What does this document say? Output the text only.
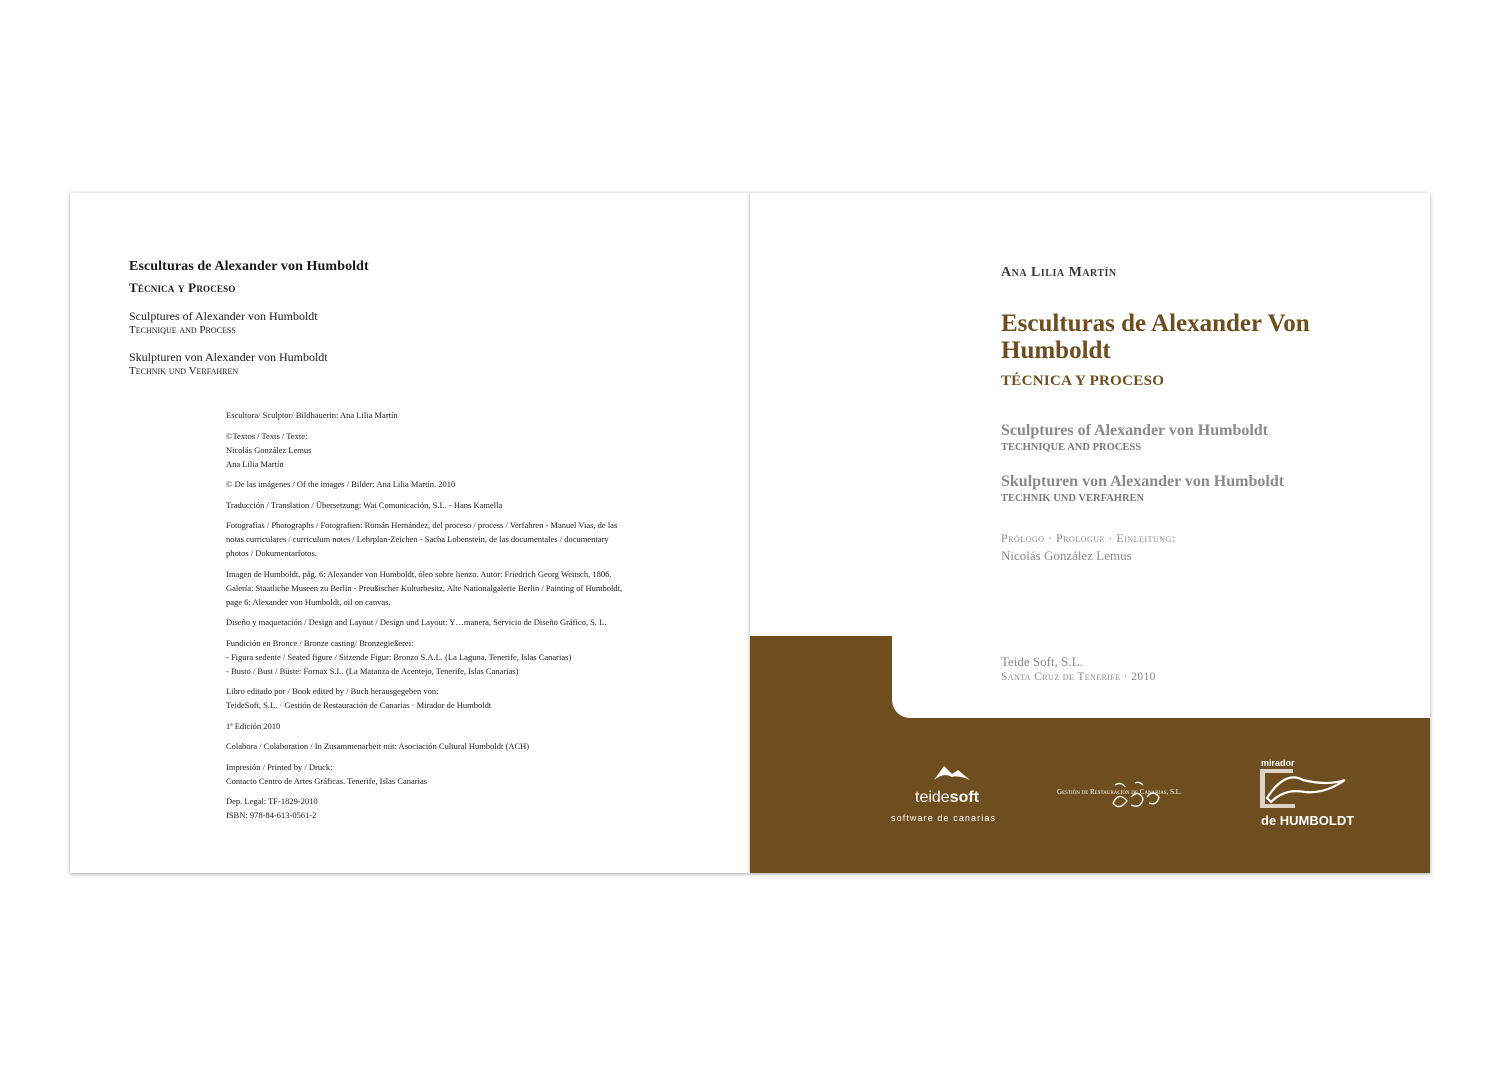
Esculturas de Alexander von Humboldt

Técnica y Proceso

Sculptures of Alexander von Humboldt

Technique and Process

Skulpturen von Alexander von Humboldt

Technik und Verfahren

Escultora/ Sculptor/ Bildhauerin: Ana Lilia Martín

©Textos / Texts / Texte:
Nicolás González Lemus
Ana Lilia Martín

© De las imágenes / Of the images / Bilder: Ana Lilia Martín. 2010

Traducción / Translation / Übersetzung: Wai Comunicación, S.L. - Hans Kamella

Fotografías / Photographs / Fotografien: Román Hernández, del proceso / process / Verfahren - Manuel Vias, de las
notas curriculares / curriculum notes / Lehrplan-Zeichen - Sacha Lobenstein, de las documentales / documentary
photos / Dokumentarfotos.

Imagen de Humboldt, pág. 6: Alexander von Humboldt, óleo sobre lienzo. Autor: Friedrich Georg Weitsch, 1806.
Galería: Staatliche Museen zu Berlin - Preußischer Kulturbesitz, Alte Nationalgalerie Berlin / Painting of Humboldt,
page 6: Alexander von Humboldt, oil on canvas.

Diseño y maquetación / Design and Layout / Design und Layout: Y…manera, Servicio de Diseño Gráfico, S. L.

Fundición en Bronce / Bronze casting/ Bronzegießerei:
- Figura sedente / Seated figure / Sitzende Figur: Bronzo S.A.L. (La Laguna, Tenerife, Islas Canarias)
- Busto / Bust / Büste: Fornax S.L. (La Matanza de Acentejo, Tenerife, Islas Canarias)

Libro editado por / Book edited by / Buch herausgegeben von:
TeideSoft, S.L. · Gestión de Restauración de Canarias · Mirador de Humboldt

1ª Edición 2010

Colabora / Colaboration / In Zusammenarbeit mit: Asociación Cultural Humboldt (ACH)

Impresión / Printed by / Druck:
Contacto Centro de Artes Gráficas. Tenerife, Islas Canarias

Dep. Legal: TF-1829-2010
ISBN: 978-84-613-0561-2

Ana Lilia Martín

Esculturas de Alexander Von Humboldt

TÉCNICA Y PROCESO

Sculptures of Alexander von Humboldt

TECHNIQUE AND PROCESS

Skulpturen von Alexander von Humboldt

TECHNIK UND VERFAHREN

Prólogo · Prologue · Einleitung:

Nicolás González Lemus

Teide Soft, S.L.

Santa Cruz de Tenerife · 2010

teidesoft
software de canarias
Gestión de Restauración de Canarias, S.L.
mirador
de HUMBOLDT
